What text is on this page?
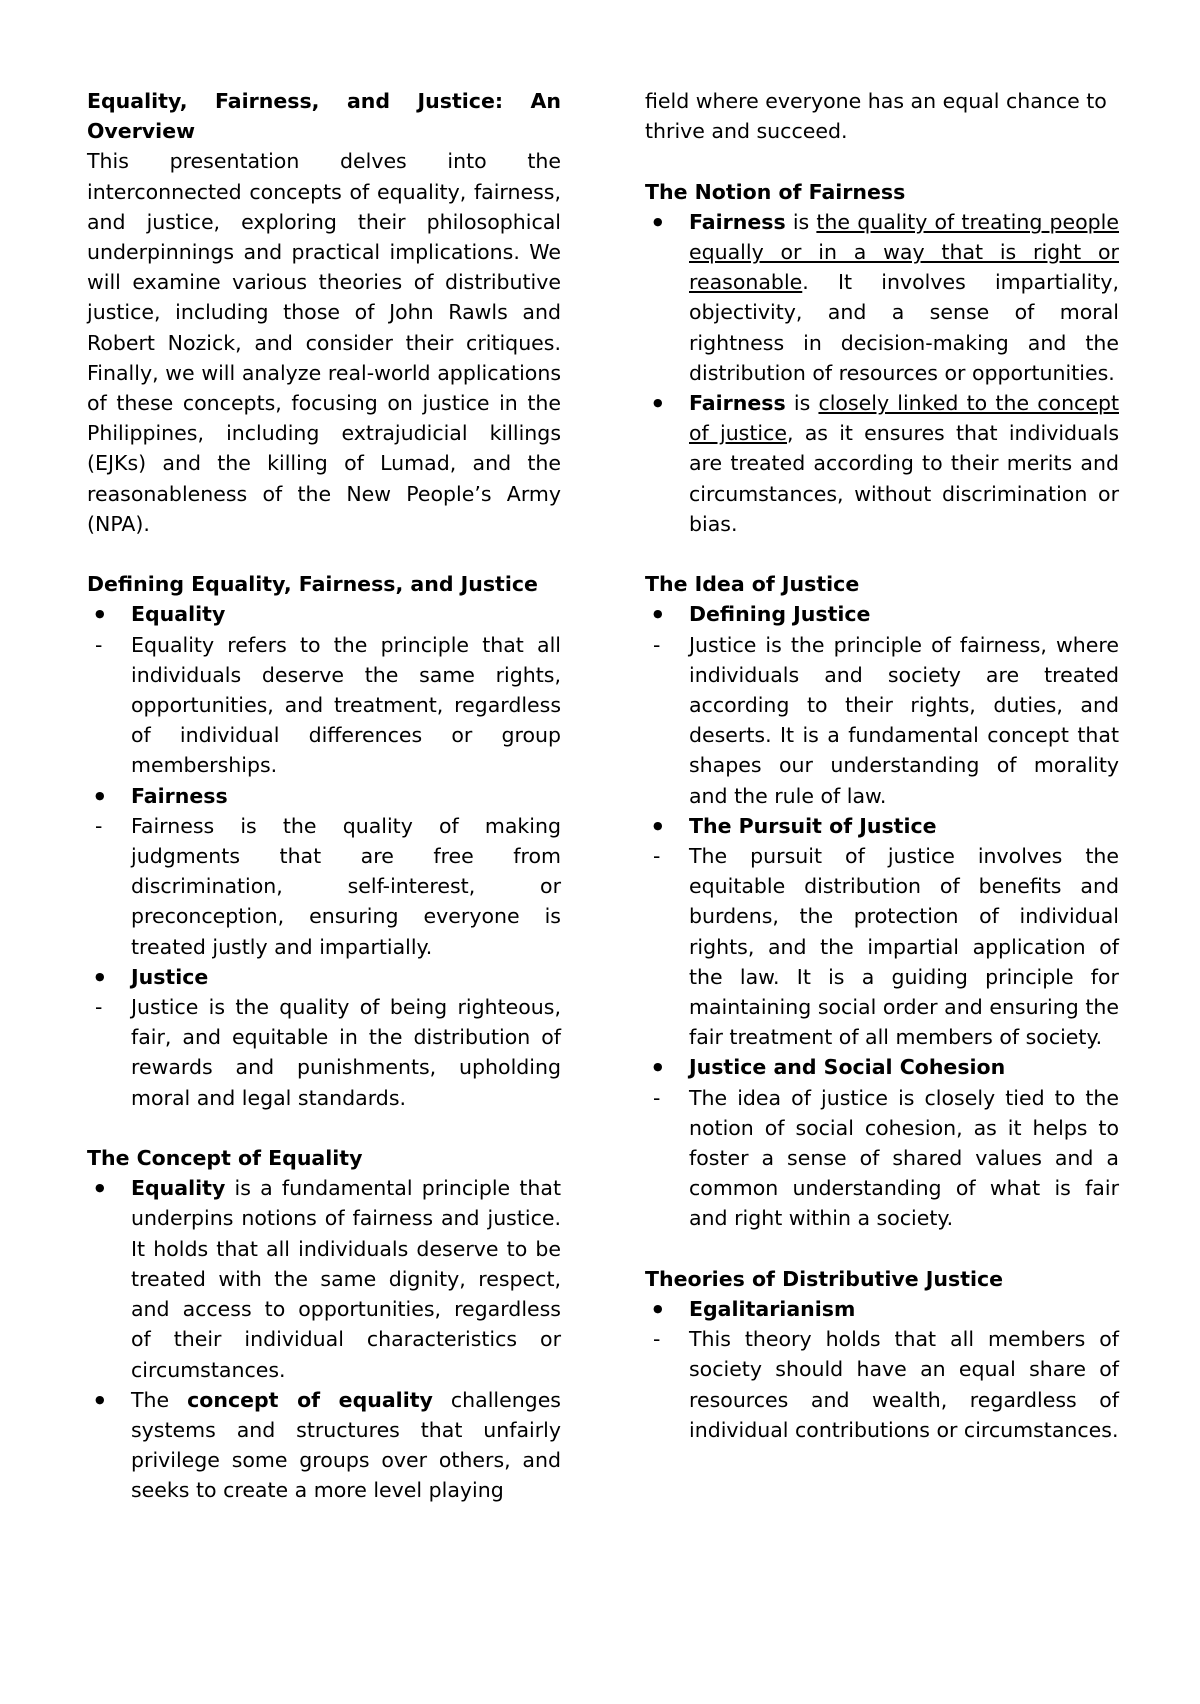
Equality, Fairness, and Justice: An Overview

This presentation delves into the interconnected concepts of equality, fairness, and justice, exploring their philosophical underpinnings and practical implications. We will examine various theories of distributive justice, including those of John Rawls and Robert Nozick, and consider their critiques. Finally, we will analyze real-world applications of these concepts, focusing on justice in the Philippines, including extrajudicial killings (EJKs) and the killing of Lumad, and the reasonableness of the New People’s Army (NPA).

Defining Equality, Fairness, and Justice

● Equality
- Equality refers to the principle that all individuals deserve the same rights, opportunities, and treatment, regardless of individual differences or group memberships.
● Fairness
- Fairness is the quality of making judgments that are free from discrimination, self-interest, or preconception, ensuring everyone is treated justly and impartially.
● Justice
- Justice is the quality of being righteous, fair, and equitable in the distribution of rewards and punishments, upholding moral and legal standards.

The Concept of Equality

● Equality is a fundamental principle that underpins notions of fairness and justice. It holds that all individuals deserve to be treated with the same dignity, respect, and access to opportunities, regardless of their individual characteristics or circumstances.
● The concept of equality challenges systems and structures that unfairly privilege some groups over others, and seeks to create a more level playing

field where everyone has an equal chance to thrive and succeed.

The Notion of Fairness

● Fairness is the quality of treating people equally or in a way that is right or reasonable. It involves impartiality, objectivity, and a sense of moral rightness in decision-making and the distribution of resources or opportunities.
● Fairness is closely linked to the concept of justice, as it ensures that individuals are treated according to their merits and circumstances, without discrimination or bias.

The Idea of Justice

● Defining Justice
- Justice is the principle of fairness, where individuals and society are treated according to their rights, duties, and deserts. It is a fundamental concept that shapes our understanding of morality and the rule of law.
● The Pursuit of Justice
- The pursuit of justice involves the equitable distribution of benefits and burdens, the protection of individual rights, and the impartial application of the law. It is a guiding principle for maintaining social order and ensuring the fair treatment of all members of society.
● Justice and Social Cohesion
- The idea of justice is closely tied to the notion of social cohesion, as it helps to foster a sense of shared values and a common understanding of what is fair and right within a society.

Theories of Distributive Justice

● Egalitarianism
- This theory holds that all members of society should have an equal share of resources and wealth, regardless of individual contributions or circumstances.
